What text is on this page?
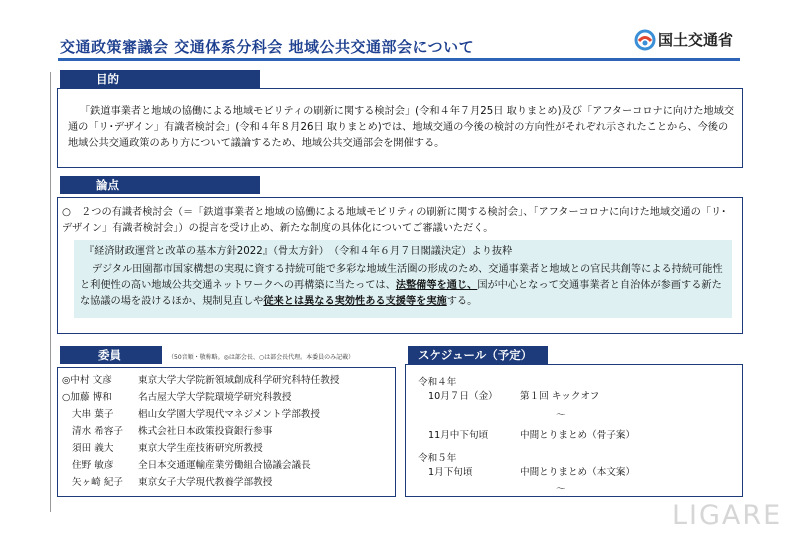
交通政策審議会 交通体系分科会 地域公共交通部会について	国土交通省
目的
「鉄道事業者と地域の協働による地域モビリティの刷新に関する検討会」(令和４年７月25日 取りまとめ)及び「アフターコロナに向けた地域交通の「リ･デザイン」有識者検討会」(令和４年８月26日 取りまとめ)では、地域交通の今後の検討の方向性がそれぞれ示されたことから、今後の地域公共交通政策のあり方について議論するため、地域公共交通部会を開催する。
論点
○　２つの有識者検討会（＝「鉄道事業者と地域の協働による地域モビリティの刷新に関する検討会」、「アフターコロナに向けた地域交通の「リ･デザイン」有識者検討会」）の提言を受け止め、新たな制度の具体化についてご審議いただく。
『経済財政運営と改革の基本方針2022』（骨太方針）　（令和４年６月７日閣議決定）より抜粋
デジタル田園都市国家構想の実現に資する持続可能で多彩な地域生活圏の形成のため、交通事業者と地域との官民共創等による持続可能性と利便性の高い地域公共交通ネットワークへの再構築に当たっては、法整備等を通じ、国が中心となって交通事業者と自治体が参画する新たな協議の場を設けるほか、規制見直しや従来とは異なる実効性ある支援等を実施する。
委員	（50音順・敬称略。◎は部会長、○は部会長代理。本委員のみ記載）
◎中村 文彦	東京大学大学院新領域創成科学研究科特任教授
○加藤 博和	名古屋大学大学院環境学研究科教授
大串 葉子	椙山女学園大学現代マネジメント学部教授
清水 希容子 株式会社日本政策投資銀行参事
須田 義大	東京大学生産技術研究所教授
住野 敏彦	全日本交通運輸産業労働組合協議会議長
矢ヶ崎 紀子 東京女子大学現代教養学部教授
スケジュール（予定）
令和４年
10月７日（金） 第１回 キックオフ
〜
11月中下旬頃	中間とりまとめ（骨子案）
令和５年
1月下旬頃	中間とりまとめ（本文案）
〜
LIGARE
